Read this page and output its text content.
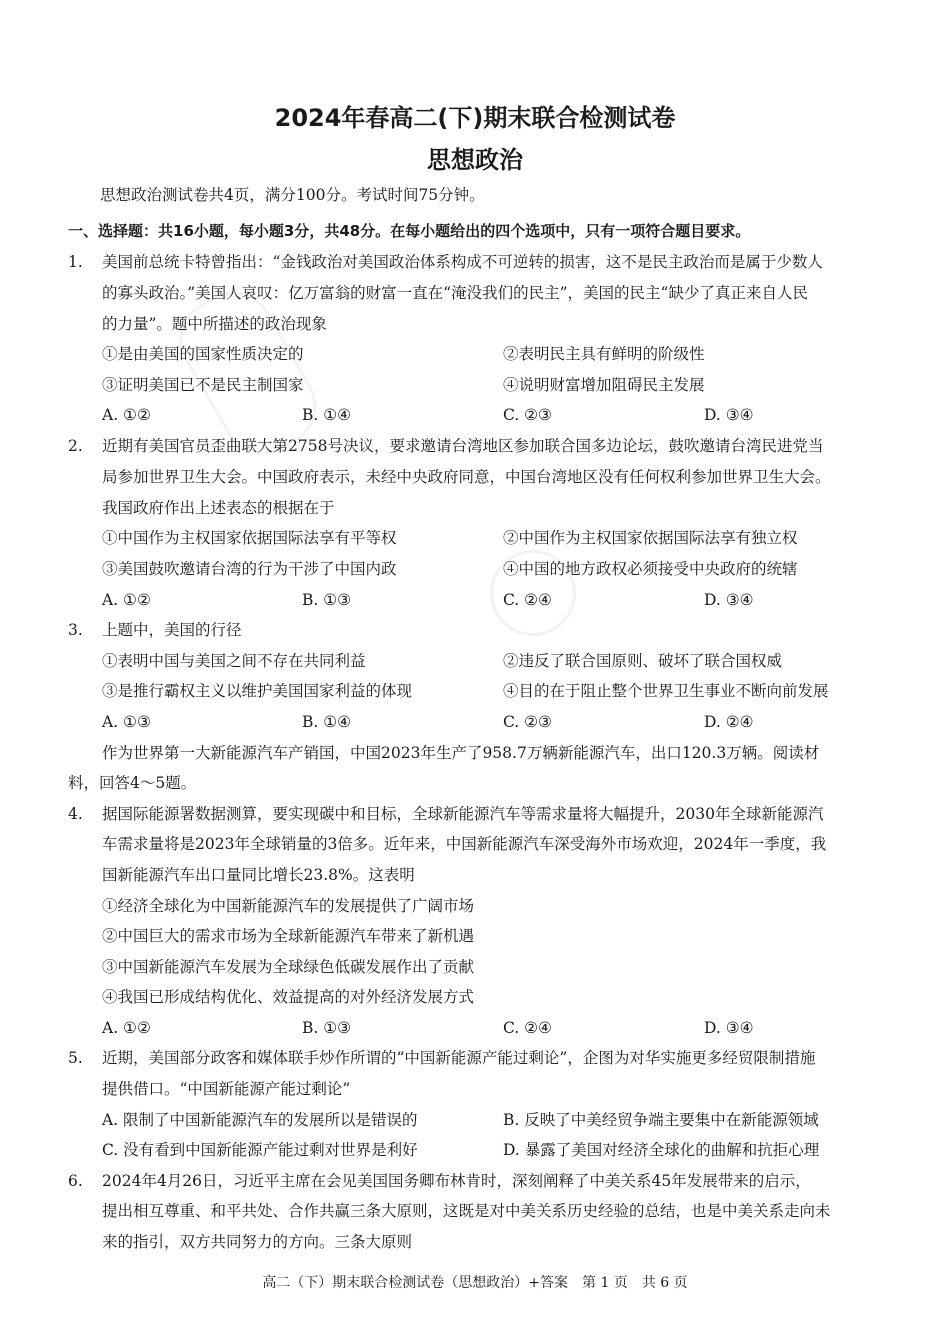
2024年春高二(下)期末联合检测试卷
思想政治
思想政治测试卷共4页，满分100分。考试时间75分钟。
一、选择题：共16小题，每小题3分，共48分。在每小题给出的四个选项中，只有一项符合题目要求。
1. 美国前总统卡特曾指出：“金钱政治对美国政治体系构成不可逆转的损害，这不是民主政治而是属于少数人
的寡头政治。”美国人哀叹：亿万富翁的财富一直在“淹没我们的民主”，美国的民主“缺少了真正来自人民
的力量”。题中所描述的政治现象
①是由美国的国家性质决定的	②表明民主具有鲜明的阶级性
③证明美国已不是民主制国家	④说明财富增加阻碍民主发展
A. ①②	B. ①④	C. ②③	D. ③④
2. 近期有美国官员歪曲联大第2758号决议，要求邀请台湾地区参加联合国多边论坛，鼓吹邀请台湾民进党当
局参加世界卫生大会。中国政府表示，未经中央政府同意，中国台湾地区没有任何权利参加世界卫生大会。
我国政府作出上述表态的根据在于
①中国作为主权国家依据国际法享有平等权	②中国作为主权国家依据国际法享有独立权
③美国鼓吹邀请台湾的行为干涉了中国内政	④中国的地方政权必须接受中央政府的统辖
A. ①②	B. ①③	C. ②④	D. ③④
3. 上题中，美国的行径
①表明中国与美国之间不存在共同利益	②违反了联合国原则、破坏了联合国权威
③是推行霸权主义以维护美国国家利益的体现	④目的在于阻止整个世界卫生事业不断向前发展
A. ①③	B. ①④	C. ②③	D. ②④
作为世界第一大新能源汽车产销国，中国2023年生产了958.7万辆新能源汽车，出口120.3万辆。阅读材
料，回答4～5题。
4. 据国际能源署数据测算，要实现碳中和目标，全球新能源汽车等需求量将大幅提升，2030年全球新能源汽
车需求量将是2023年全球销量的3倍多。近年来，中国新能源汽车深受海外市场欢迎，2024年一季度，我
国新能源汽车出口量同比增长23.8%。这表明
①经济全球化为中国新能源汽车的发展提供了广阔市场
②中国巨大的需求市场为全球新能源汽车带来了新机遇
③中国新能源汽车发展为全球绿色低碳发展作出了贡献
④我国已形成结构优化、效益提高的对外经济发展方式
A. ①②	B. ①③	C. ②④	D. ③④
5. 近期，美国部分政客和媒体联手炒作所谓的“中国新能源产能过剩论”，企图为对华实施更多经贸限制措施
提供借口。“中国新能源产能过剩论”
A. 限制了中国新能源汽车的发展所以是错误的	B. 反映了中美经贸争端主要集中在新能源领域
C. 没有看到中国新能源产能过剩对世界是利好	D. 暴露了美国对经济全球化的曲解和抗拒心理
6. 2024年4月26日，习近平主席在会见美国国务卿布林肯时，深刻阐释了中美关系45年发展带来的启示，
提出相互尊重、和平共处、合作共赢三条大原则，这既是对中美关系历史经验的总结，也是中美关系走向未
来的指引，双方共同努力的方向。三条大原则
高二（下）期末联合检测试卷（思想政治）+答案　第 1 页　共 6 页
